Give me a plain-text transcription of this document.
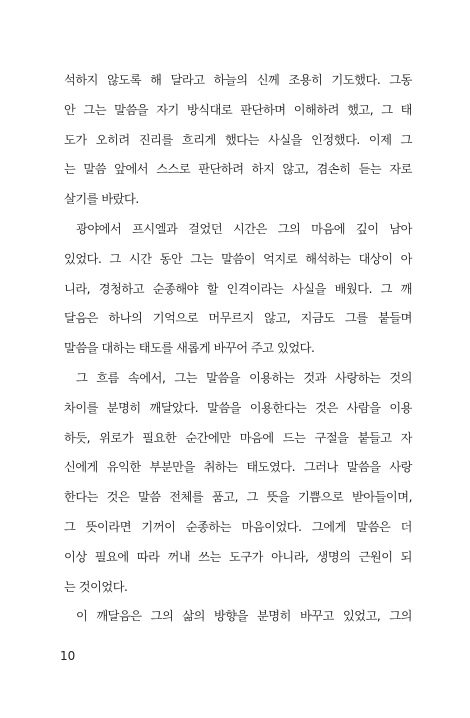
석하지 않도록 해 달라고 하늘의 신께 조용히 기도했다. 그동
안 그는 말씀을 자기 방식대로 판단하며 이해하려 했고, 그 태
도가 오히려 진리를 흐리게 했다는 사실을 인정했다. 이제 그
는 말씀 앞에서 스스로 판단하려 하지 않고, 겸손히 듣는 자로
살기를 바랐다.
광야에서 프시엘과 걸었던 시간은 그의 마음에 깊이 남아
있었다. 그 시간 동안 그는 말씀이 억지로 해석하는 대상이 아
니라, 경청하고 순종해야 할 인격이라는 사실을 배웠다. 그 깨
달음은 하나의 기억으로 머무르지 않고, 지금도 그를 붙들며
말씀을 대하는 태도를 새롭게 바꾸어 주고 있었다.
그 흐름 속에서, 그는 말씀을 이용하는 것과 사랑하는 것의
차이를 분명히 깨달았다. 말씀을 이용한다는 것은 사람을 이용
하듯, 위로가 필요한 순간에만 마음에 드는 구절을 붙들고 자
신에게 유익한 부분만을 취하는 태도였다. 그러나 말씀을 사랑
한다는 것은 말씀 전체를 품고, 그 뜻을 기쁨으로 받아들이며,
그 뜻이라면 기꺼이 순종하는 마음이었다. 그에게 말씀은 더
이상 필요에 따라 꺼내 쓰는 도구가 아니라, 생명의 근원이 되
는 것이었다.
이 깨달음은 그의 삶의 방향을 분명히 바꾸고 있었고, 그의
10
